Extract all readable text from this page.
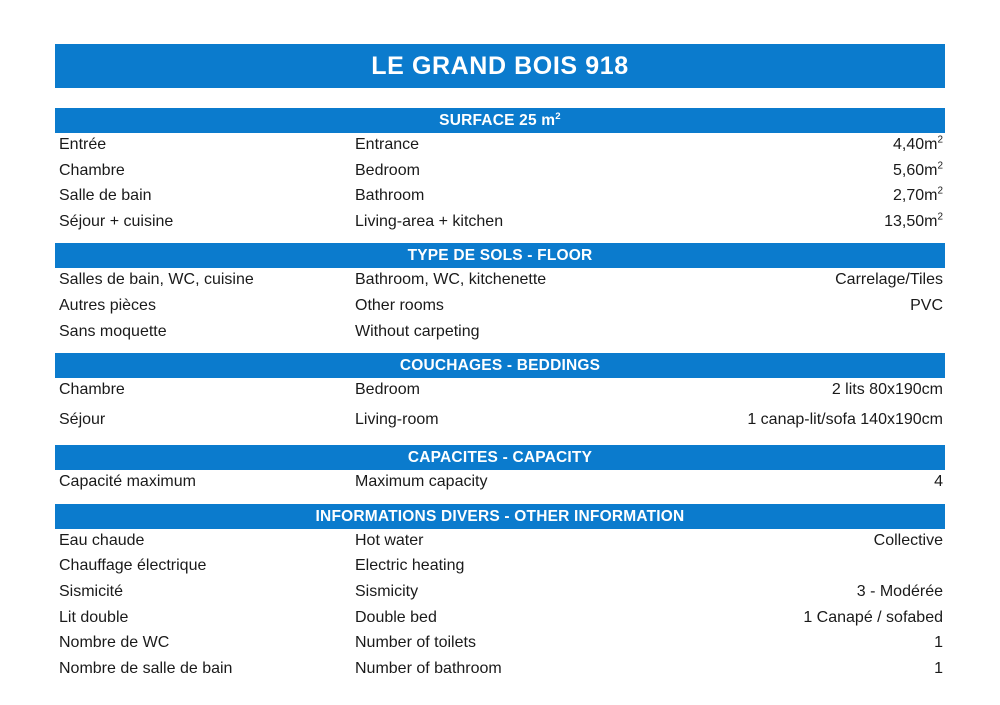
LE GRAND BOIS 918
SURFACE 25 $m^2$
Entrée	Entrance	$4,40m^2$
Chambre	Bedroom	$5,60m^2$
Salle de bain	Bathroom	$2,70m^2$
Séjour + cuisine	Living-area + kitchen	$13,50m^2$
TYPE DE SOLS - FLOOR
Salles de bain, WC, cuisine	Bathroom, WC, kitchenette	Carrelage/Tiles
Autres pièces	Other rooms	PVC
Sans moquette	Without carpeting
COUCHAGES - BEDDINGS
Chambre	Bedroom	2 lits 80x190cm
Séjour	Living-room	1 canap-lit/sofa 140x190cm
CAPACITES - CAPACITY
Capacité maximum	Maximum capacity	4
INFORMATIONS DIVERS - OTHER INFORMATION
Eau chaude	Hot water	Collective
Chauffage électrique	Electric heating
Sismicité	Sismicity	3 - Modérée
Lit double	Double bed	1 Canapé / sofabed
Nombre de WC	Number of toilets	1
Nombre de salle de bain	Number of bathroom	1
